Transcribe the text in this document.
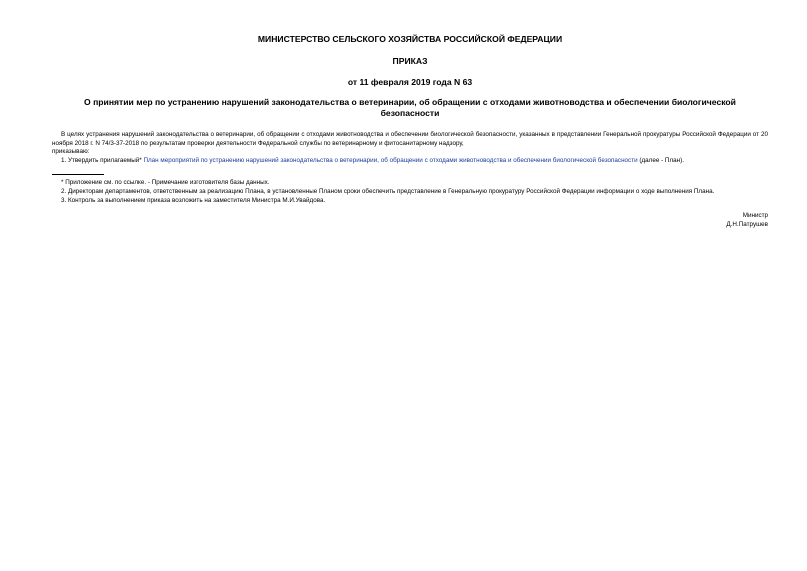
МИНИСТЕРСТВО СЕЛЬСКОГО ХОЗЯЙСТВА РОССИЙСКОЙ ФЕДЕРАЦИИ

ПРИКАЗ

от 11 февраля 2019 года N 63

О принятии мер по устранению нарушений законодательства о ветеринарии, об обращении с отходами животноводства и обеспечении биологической безопасности

В целях устранения нарушений законодательства о ветеринарии, об обращении с отходами животноводства и обеспечении биологической безопасности, указанных в представлении Генеральной прокуратуры Российской Федерации от 20 ноября 2018 г. N 74/3-37-2018 по результатам проверки деятельности Федеральной службы по ветеринарному и фитосанитарному надзору,

приказываю:

1. Утвердить прилагаемый* План мероприятий по устранению нарушений законодательства о ветеринарии, об обращении с отходами животноводства и обеспечении биологической безопасности (далее - План).

* Приложение см. по ссылке. - Примечание изготовителя базы данных.

2. Директорам департаментов, ответственным за реализацию Плана, в установленные Планом сроки обеспечить представление в Генеральную прокуратуру Российской Федерации информации о ходе выполнения Плана.

3. Контроль за выполнением приказа возложить на заместителя Министра М.И.Увайдова.

Министр

Д.Н.Патрушев
